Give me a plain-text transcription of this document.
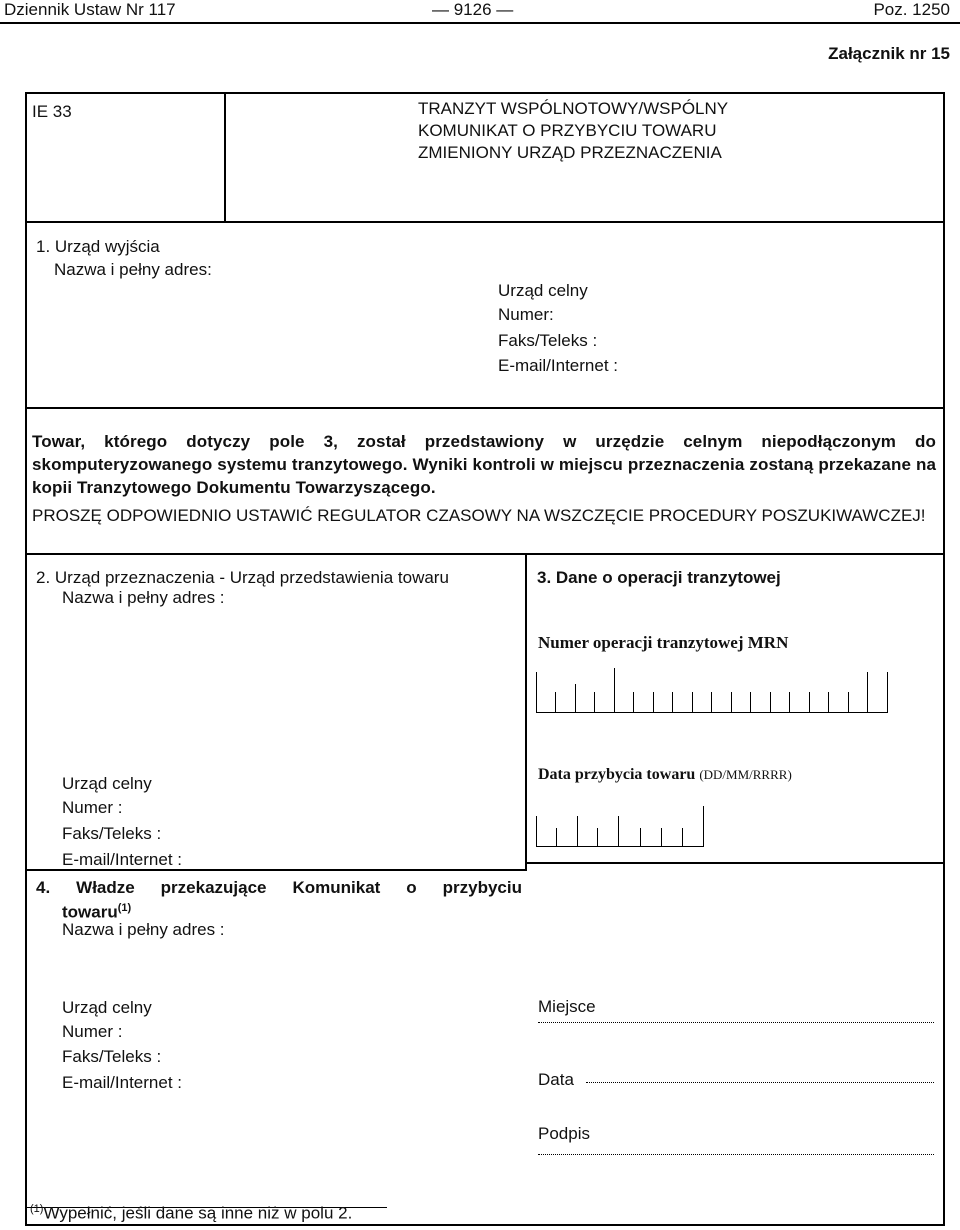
Dziennik Ustaw Nr 117	— 9126 —	Poz. 1250
Załącznik nr 15
IE 33	TRANZYT WSPÓLNOTOWY/WSPÓLNY
KOMUNIKAT O PRZYBYCIU TOWARU
ZMIENIONY URZĄD PRZEZNACZENIA
1. Urząd wyjścia
Nazwa i pełny adres:
Urząd celny
Numer:
Faks/Teleks :
E-mail/Internet :
Towar, którego dotyczy pole 3, został przedstawiony w urzędzie celnym niepodłączonym do skomputeryzowanego systemu tranzytowego. Wyniki kontroli w miejscu przeznaczenia zostaną przekazane na kopii Tranzytowego Dokumentu Towarzyszącego.
PROSZĘ ODPOWIEDNIO USTAWIĆ REGULATOR CZASOWY NA WSZCZĘCIE PROCEDURY POSZUKIWAWCZEJ!
2. Urząd przeznaczenia - Urząd przedstawienia towaru
Nazwa i pełny adres :
Urząd celny
Numer :
Faks/Teleks :
E-mail/Internet :
3. Dane o operacji tranzytowej
Numer operacji tranzytowej MRN
Data przybycia towaru (DD/MM/RRRR)
4. Władze przekazujące Komunikat o przybyciu
towaru$^{(1)}$
Nazwa i pełny adres :
Urząd celny
Numer :
Faks/Teleks :
E-mail/Internet :
Miejsce
Data
Podpis
$^{(1)}$Wypełnić, jeśli dane są inne niż w polu 2.
